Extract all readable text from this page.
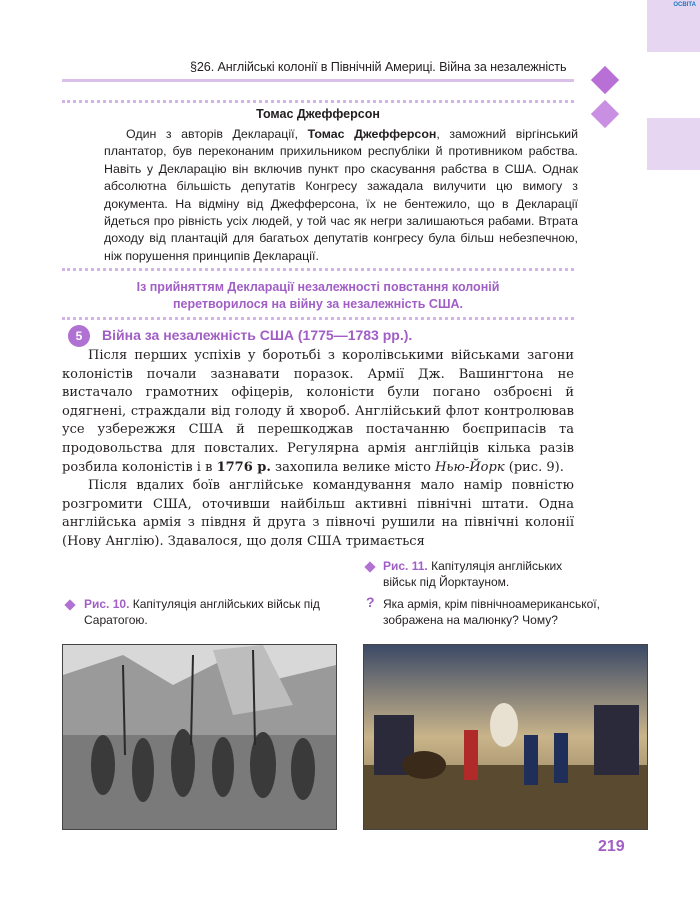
ОСВІТА
§26. Англійські колонії в Північній Америці. Війна за незалежність
Томас Джефферсон
Один з авторів Декларації, Томас Джефферсон, заможний віргінський плантатор, був переконаним прихильником республіки й противником рабства. Навіть у Декларацію він включив пункт про скасування рабства в США. Однак абсолютна більшість депутатів Конгресу зажадала вилучити цю вимогу з документа. На відміну від Джефферсона, їх не бентежило, що в Декларації йдеться про рівність усіх людей, у той час як негри залишаються рабами. Втрата доходу від плантацій для багатьох депутатів конгресу була більш небезпечною, ніж порушення принципів Декларації.
Із прийняттям Декларації незалежності повстання колоній
перетворилося на війну за незалежність США.
5	Війна за незалежність США (1775—1783 рр.).

Після перших успіхів у боротьбі з королівськими військами загони колоністів почали зазнавати поразок. Армії Дж. Вашингтона не вистачало грамотних офіцерів, колоністи були погано озброєні й одягнені, страждали від голоду й хвороб. Англійський флот контролював усе узбережжя США й перешкоджав постачанню боєприпасів та продовольства для повсталих. Регулярна армія англійців кілька разів розбила колоністів і в 1776 р. захопила велике місто Нью-Йорк (рис. 9).

Після вдалих боїв англійське командування мало намір повністю розгромити США, оточивши найбільш активні північні штати. Одна англійська армія з півдня й друга з півночі рушили на північні колонії (Нову Англію). Здавалося, що доля США тримається

Рис. 11. Капітуляція англійських військ під Йорктауном.
Рис. 10. Капітуляція англійських військ під Саратогою.
? Яка армія, крім північноамериканської, зображена на малюнку? Чому?
219
